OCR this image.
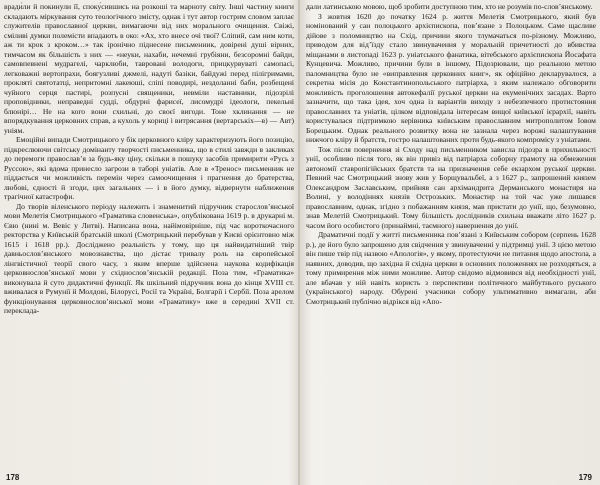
вради́ли й покинули її, споку́сившись на розкоші та марноту світу. Інші частину книги складають міркування суто теологічного змісту, однак і тут автор гострим словом заплає служителів православної церкви, вимагаючи від них морального очищення. Свіжі, сміливі думки полемісти впадають в око: «Ах, хто внесе очі твої? Сліпий, сам ним коти, аж ти крок з кроком…» так іронічно піднесене письменник, довірені душі вірних, тимчасом як більшість з них — «неуки, нахаби, нечемні грубіяни, безсоромні байди, самовпевнені мудрагелі, чарклюби, тавровані володоги, прицкурвуваті самопасі, легковажні вертопрахи, боягузливі джмелі, надуті базіки, байдужі перед пілігримами, прокляті святотатці, непритомні лакеюші, сліпі поводирі, нездоланні баби, розбещені чуйного серця пастирі, розпусні священики, невміли наставники, підозрілі проповідники, неправедні судді, обдурні фарисеї, лисомудрі ідеологи, пекельні блюнірі… Не на кого вони схильні, до своєї вигоди. Тоне хклинання — не впорядкування церковних справ, а кухоль у кориці і витрясання (вертарськіх—в) — Авт) уніям.

Емоційні випади Смотрицького у бік церковного кліру характеризують його позицію, підкреслюючи світську домінанту творчості письменника, що в стилі завжди в закликах до перемоги православ’я за будь-яку ціну, скільки в пошуку засобів примирити «Русь з Руссою», які вдома принесло загрози в таборі уніатів. Але в «Тренос» письменник не піддається чи можливість перемін через самоочищення і прагнення до братерства, любові, єдності й згоди, цих загальних — і в його думку, відвернути наближення трагічної катастрофи.

До творів віленського періоду належить і знаменитий підручник старослов’янської мови Мелетія Смотрицького «Граматика словенська», опублікована 1619 р. в друкарні м. Євю (нині м. Вевіс у Литві). Написана вона, найімовірніше, під час короткочасного ректорства у Київській братській школі (Смотрицький перебував у Києві орієнтовно між 1615 і 1618 рр.). Досліджено реальність у тому, що ця найвидатніший твір давньослов’янського мовознавства, що дістає тривалу роль на європейської лінгвістичної теорії свого часу, з яким вперше здійснена наукова кодифікація церковнослов’янської мови у східнослов’янській редакції. Поза тим, «Граматика» виконувала й суто дидактичні функції. Як шкільний підручник вона до кінця XVIII ст. вживалася в Румунії й Молдові, Білорусі, Росії та Україні, Болгарії і Сербії. Поза арелом функціонування церковнослов’янської мови «Граматику» вже в середині XVII ст. переклада-

178

дали латинською мовою, щоб зробити доступною тим, хто не розумів по-слов’янському.

З жовтня 1620 до початку 1624 р. життя Мелетія Смотрицького, який був номінований у сан полоцького архієпископа, пов’язане з Полоцьком. Саме щасливе дійове з поломництво на Схід, причини якого тлумачаться по-різному. Можливо, приводом для від’їзду стало звинувачення у моральній причетності до вбивства міщанами в листопаді 1623 р. уніатського фанатика, вітебського архієпископа Йосафата Кунцевича. Можливо, причини були в іншому, Підозрювали, що реальною метою паломництва було не «виправлення церковних книг», як офіційно декларувалося, а секретна місія до Константинопольського патріарха, з яким належало обговорити можливість проголошення автокефалії руської церкви на екуменічних засадах. Варто зазначити, що така ідея, хоч одна із варіантів виходу з небезпечного протистояння православних та уніатів, цілком відповідала інтересам вищої київської ієрархії, навіть користувалася підтримкою керівника київським православним митрополитом Іовом Борецьким. Однак реального розвитку вона не зазнала через ворожі налаштування нижчого кліру й братств, гостро налаштованих проти будь-якого компромісу з уніатами.

Тож після повернення зі Сходу над письменником зависла підозра в прихильності унії, особливо після того, як він привіз від патріарха соборну грамоту на обмеження автономії ставропігійських братств та на призначення себе екзархом руської церкви. Певний час Смотрицький знову жив у Борщувальбеї, а з 1627 р., запрошений князем Олександром Заславським, прийняв сан архімандрита Дерманського монастиря на Волині, у володіннях князів Острозьких. Монастир на той час уже лишався православним, однак, згідно з побажанням князя, мав пристати до унії, що, безумовно, знав Мелетій Смотрицький. Тому більшість дослідників схильна вважати літо 1627 р. часом його особистого (принаймні, таємного) навернення до унії.

Драматичні події у житті письменника пов’язані з Київським собором (серпень 1628 р.), де його було запрошено для свідчення у звинуваченні у підтримці унії. З цією метою він пише твір під назвою «Апологія», у якому, протестуючи не питання щодо апостола, а наявних, доводив, що західна й східна церкви в основних положеннях не розходяться, а тому примирення між ними можливе. Автор свідомо відмовився від необхідності унії, але вбачав у ній навіть користь з перспективи політичного майбутнього руського (українського) народу. Обурені учасники собору ультимативно вимагали, аби Смотрицький публічно відрікся від «Апо-

179
